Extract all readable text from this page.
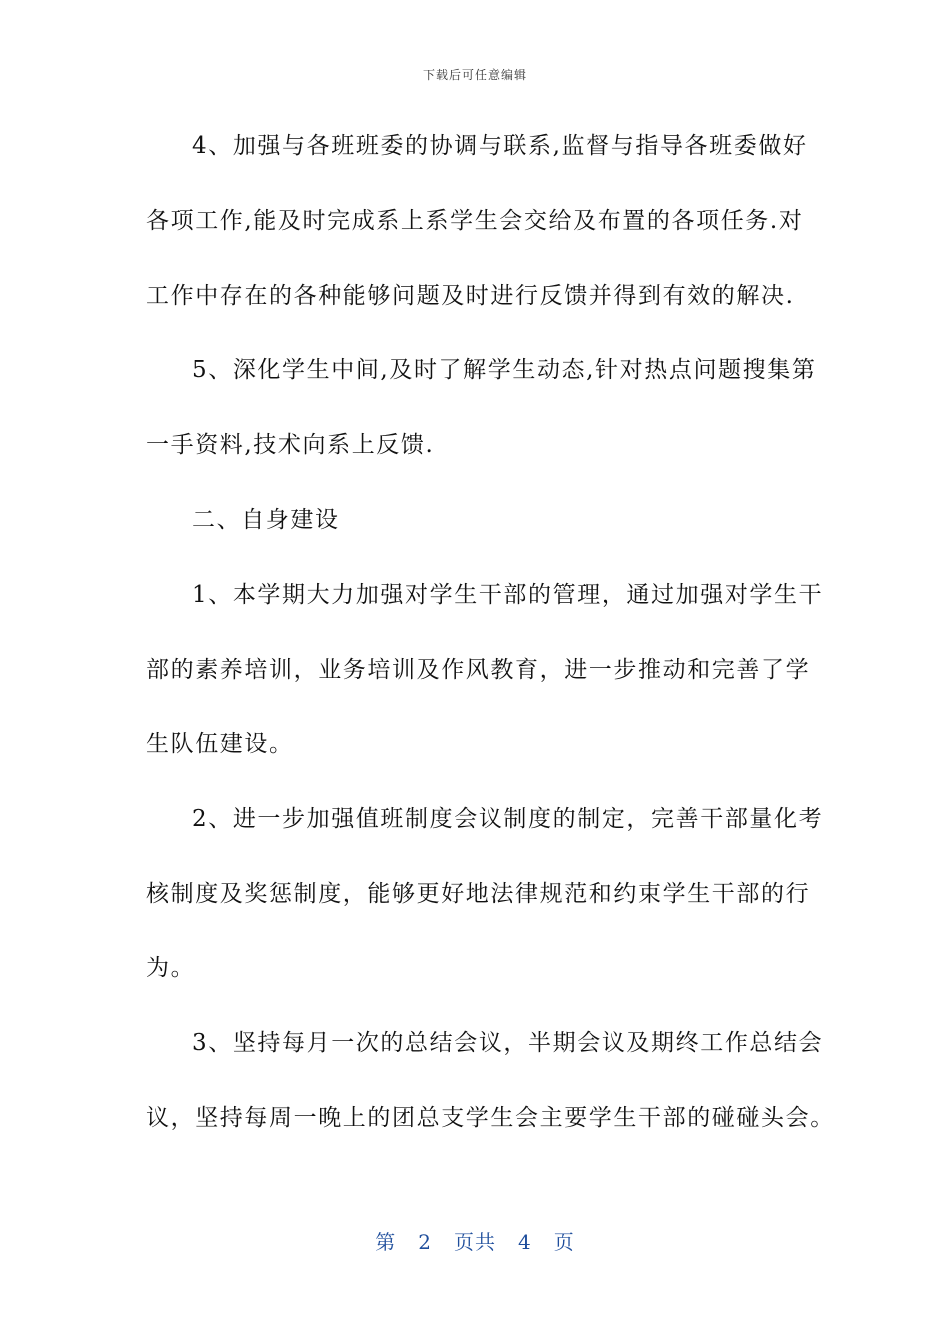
下载后可任意编辑
4、加强与各班班委的协调与联系,监督与指导各班委做好
各项工作,能及时完成系上系学生会交给及布置的各项任务.对
工作中存在的各种能够问题及时进行反馈并得到有效的解决.
5、深化学生中间,及时了解学生动态,针对热点问题搜集第
一手资料,技术向系上反馈.
二、自身建设
1、本学期大力加强对学生干部的管理，通过加强对学生干
部的素养培训，业务培训及作风教育，进一步推动和完善了学
生队伍建设。
2、进一步加强值班制度会议制度的制定，完善干部量化考
核制度及奖惩制度，能够更好地法律规范和约束学生干部的行
为。
3、坚持每月一次的总结会议，半期会议及期终工作总结会
议，坚持每周一晚上的团总支学生会主要学生干部的碰碰头会。
第 2 页共 4 页
